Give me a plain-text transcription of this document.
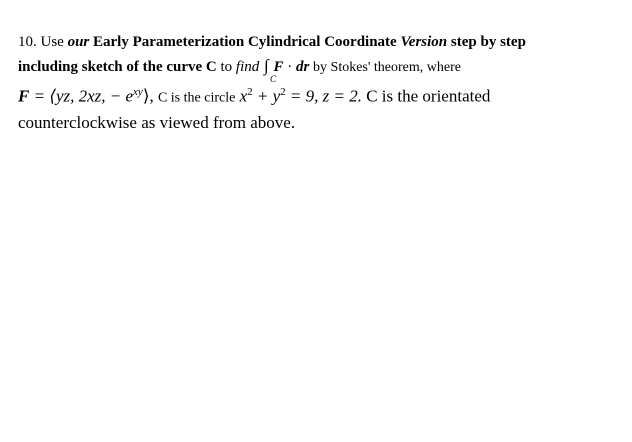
10. Use our Early Parameterization Cylindrical Coordinate Version step by step
including sketch of the curve C to find ∫
C
F · dr by Stokes' theorem, where
F = ⟨yz, 2xz, − $e^{xy}⟩$, C is the circle $x^2 + y^2 = 9$, z = 2. C is the orientated
counterclockwise as viewed from above.
